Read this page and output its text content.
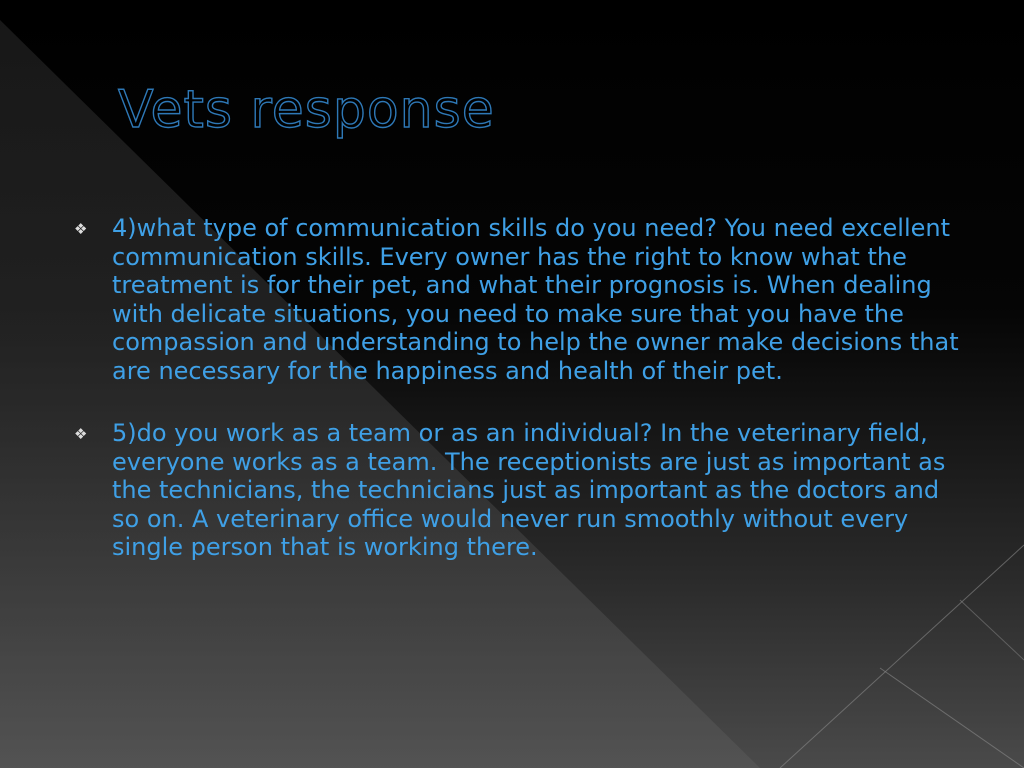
Vets response
❖ 4)what type of communication skills do you need? You need excellent communication skills. Every owner has the right to know what the treatment is for their pet, and what their prognosis is. When dealing with delicate situations, you need to make sure that you have the compassion and understanding to help the owner make decisions that are necessary for the happiness and health of their pet.
❖ 5)do you work as a team or as an individual? In the veterinary field, everyone works as a team. The receptionists are just as important as the technicians, the technicians just as important as the doctors and so on. A veterinary office would never run smoothly without every single person that is working there.
